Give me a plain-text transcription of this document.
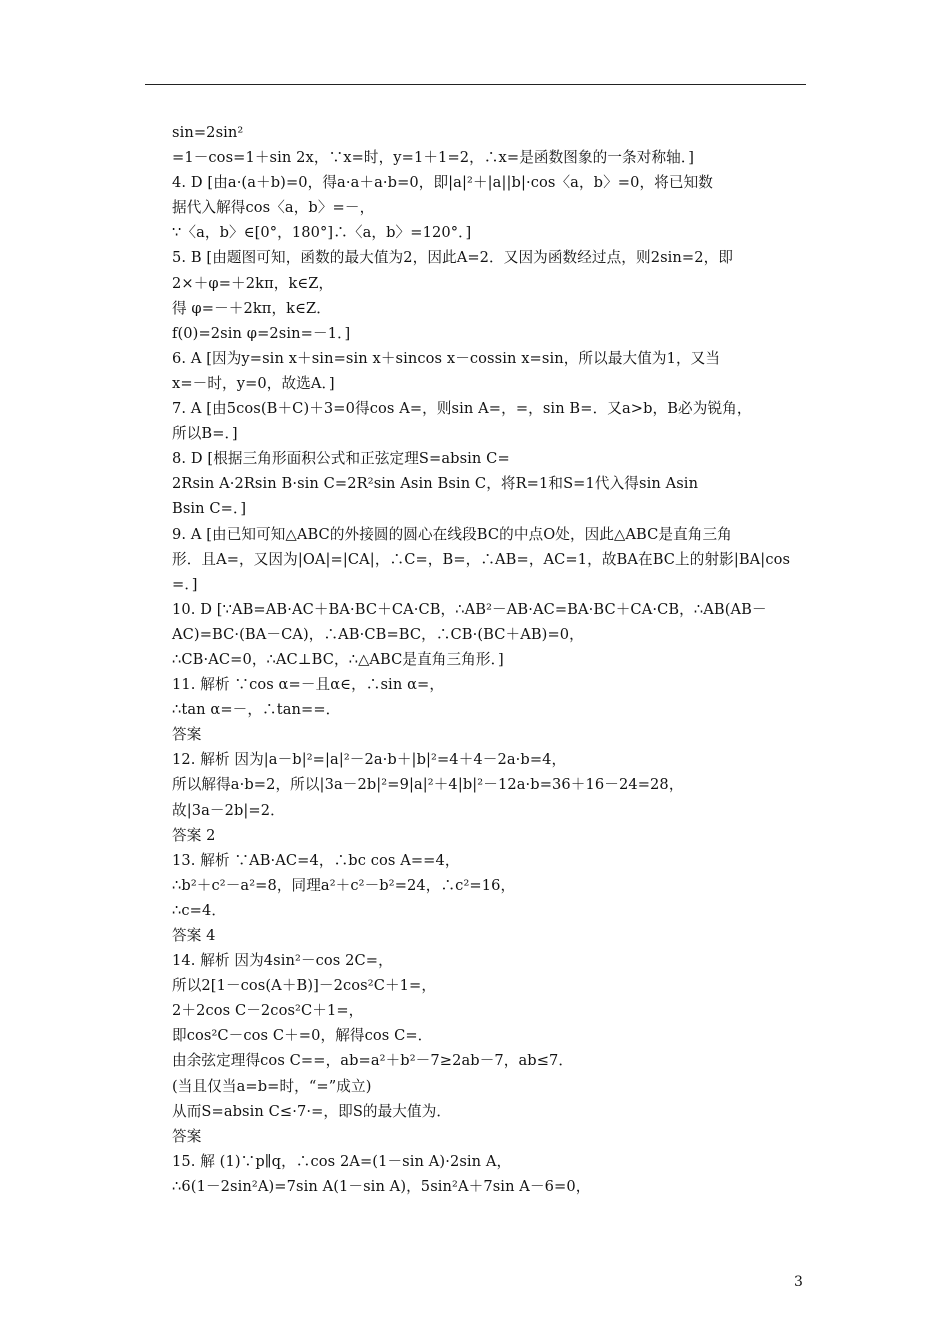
sin=2sin²
=1－cos=1＋sin 2x，∵x=时，y=1＋1=2，∴x=是函数图象的一条对称轴．]
4. D [由a·(a＋b)=0，得a·a＋a·b=0，即|a|²＋|a||b|·cos〈a，b〉=0，将已知数
据代入解得cos〈a，b〉=－，
∵〈a，b〉∈[0°，180°]∴〈a，b〉=120°．]
5. B [由题图可知，函数的最大值为2，因此A=2．又因为函数经过点，则2sin=2，即
2×＋φ=＋2kπ，k∈Z，
得 φ=－＋2kπ，k∈Z．
f(0)=2sin φ=2sin=－1．]
6. A [因为y=sin x＋sin=sin x＋sincos x－cossin x=sin，所以最大值为1，又当
x=－时，y=0，故选A．]
7. A [由5cos(B＋C)＋3=0得cos A=，则sin A=，=，sin B=．又a>b，B必为锐角，
所以B=．]
8. D [根据三角形面积公式和正弦定理S=absin C=
2Rsin A·2Rsin B·sin C=2R²sin Asin Bsin C，将R=1和S=1代入得sin Asin
Bsin C=．]
9. A [由已知可知△ABC的外接圆的圆心在线段BC的中点O处，因此△ABC是直角三角
形．且A=，又因为|OA|=|CA|，∴C=，B=，∴AB=，AC=1，故BA在BC上的射影|BA|cos
=．]
10. D [∵AB=AB·AC＋BA·BC＋CA·CB，∴AB²－AB·AC=BA·BC＋CA·CB，∴AB(AB－
AC)=BC·(BA－CA)，∴AB·CB=BC，∴CB·(BC＋AB)=0，
∴CB·AC=0，∴AC⊥BC，∴△ABC是直角三角形．]
11. 解析 ∵cos α=－且α∈，∴sin α=，
∴tan α=－，∴tan==．
答案
12. 解析 因为|a－b|²=|a|²－2a·b＋|b|²=4＋4－2a·b=4，
所以解得a·b=2，所以|3a－2b|²=9|a|²＋4|b|²－12a·b=36＋16－24=28，
故|3a－2b|=2．
答案 2
13. 解析 ∵AB·AC=4，∴bc cos A==4，
∴b²＋c²－a²=8，同理a²＋c²－b²=24，∴c²=16，
∴c=4．
答案 4
14. 解析 因为4sin²－cos 2C=，
所以2[1－cos(A＋B)]－2cos²C＋1=，
2＋2cos C－2cos²C＋1=，
即cos²C－cos C＋=0，解得cos C=．
由余弦定理得cos C==，ab=a²＋b²－7≥2ab－7，ab≤7．
(当且仅当a=b=时，“=”成立)
从而S=absin C≤·7·=，即S的最大值为．
答案
15. 解 (1)∵p∥q，∴cos 2A=(1－sin A)·2sin A，
∴6(1－2sin²A)=7sin A(1－sin A)，5sin²A＋7sin A－6=0，
3
